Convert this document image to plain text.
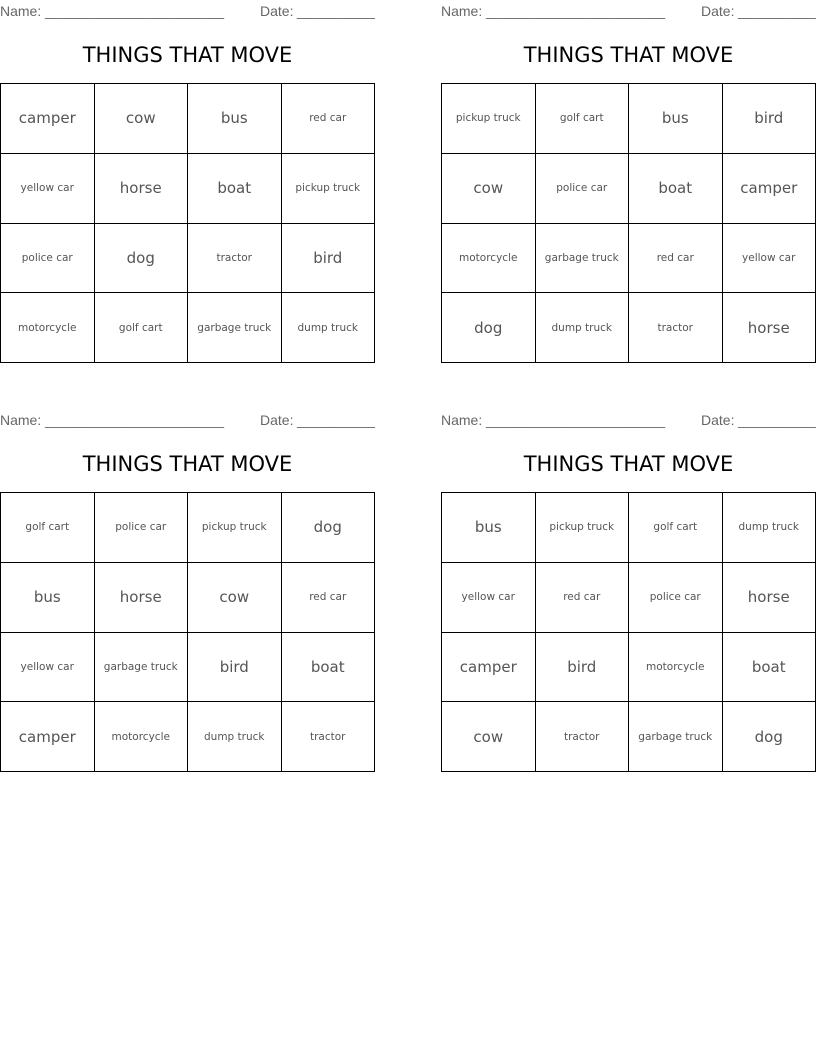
Name: _______________________	Date: __________
THINGS THAT MOVE
camper	cow	bus	red car
yellow car	horse	boat	pickup truck
police car	dog	tractor	bird
motorcycle	golf cart	garbage truck	dump truck
Name: _______________________	Date: __________
THINGS THAT MOVE
pickup truck	golf cart	bus	bird
cow	police car	boat	camper
motorcycle	garbage truck	red car	yellow car
dog	dump truck	tractor	horse
Name: _______________________	Date: __________
THINGS THAT MOVE
golf cart	police car	pickup truck	dog
bus	horse	cow	red car
yellow car	garbage truck	bird	boat
camper	motorcycle	dump truck	tractor
Name: _______________________	Date: __________
THINGS THAT MOVE
bus	pickup truck	golf cart	dump truck
yellow car	red car	police car	horse
camper	bird	motorcycle	boat
cow	tractor	garbage truck	dog
